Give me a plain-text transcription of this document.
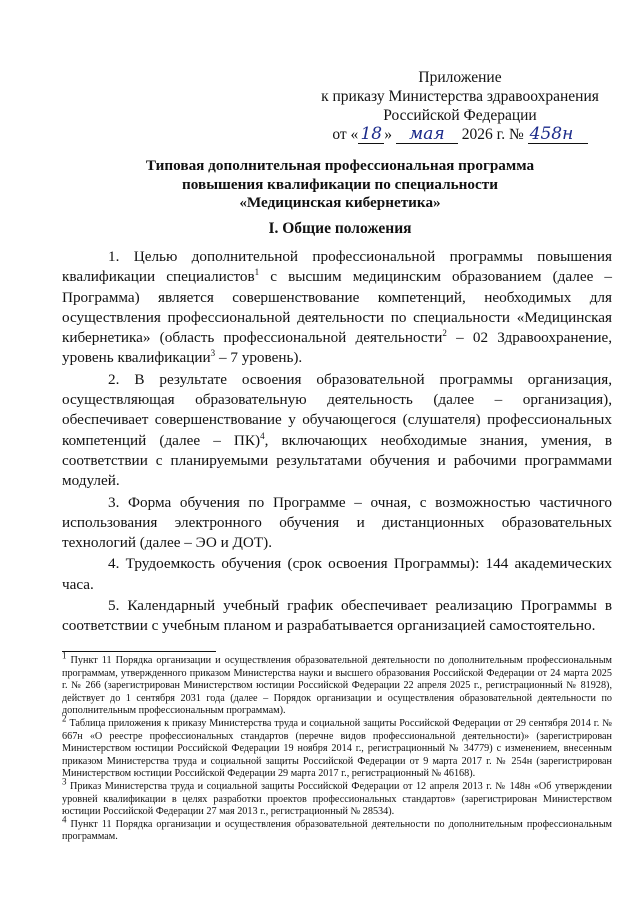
Приложение
к приказу Министерства здравоохранения
Российской Федерации
от « 18 » мая 2026 г. № 458н
Типовая дополнительная профессиональная программа
повышения квалификации по специальности
«Медицинская кибернетика»
I. Общие положения

1. Целью дополнительной профессиональной программы повышения квалификации специалистов$^1$ с высшим медицинским образованием (далее – Программа) является совершенствование компетенций, необходимых для осуществления профессиональной деятельности по специальности «Медицинская кибернетика» (область профессиональной деятельности$^2$ – 02 Здравоохранение, уровень квалификации$^3$ – 7 уровень).

2. В результате освоения образовательной программы организация, осуществляющая образовательную деятельность (далее – организация), обеспечивает совершенствование у обучающегося (слушателя) профессиональных компетенций (далее – ПК)$^4$, включающих необходимые знания, умения, в соответствии с планируемыми результатами обучения и рабочими программами модулей.

3. Форма обучения по Программе – очная, с возможностью частичного использования электронного обучения и дистанционных образовательных технологий (далее – ЭО и ДОТ).

4. Трудоемкость обучения (срок освоения Программы): 144 академических часа.

5. Календарный учебный график обеспечивает реализацию Программы в соответствии с учебным планом и разрабатывается организацией самостоятельно.

$^1$ Пункт 11 Порядка организации и осуществления образовательной деятельности по дополнительным профессиональным программам, утвержденного приказом Министерства науки и высшего образования Российской Федерации от 24 марта 2025 г. № 266 (зарегистрирован Министерством юстиции Российской Федерации 22 апреля 2025 г., регистрационный № 81928), действует до 1 сентября 2031 года (далее – Порядок организации и осуществления образовательной деятельности по дополнительным профессиональным программам).

$^2$ Таблица приложения к приказу Министерства труда и социальной защиты Российской Федерации от 29 сентября 2014 г. № 667н «О реестре профессиональных стандартов (перечне видов профессиональной деятельности)» (зарегистрирован Министерством юстиции Российской Федерации 19 ноября 2014 г., регистрационный № 34779) с изменением, внесенным приказом Министерства труда и социальной защиты Российской Федерации от 9 марта 2017 г. № 254н (зарегистрирован Министерством юстиции Российской Федерации 29 марта 2017 г., регистрационный № 46168).

$^3$ Приказ Министерства труда и социальной защиты Российской Федерации от 12 апреля 2013 г. № 148н «Об утверждении уровней квалификации в целях разработки проектов профессиональных стандартов» (зарегистрирован Министерством юстиции Российской Федерации 27 мая 2013 г., регистрационный № 28534).

$^4$ Пункт 11 Порядка организации и осуществления образовательной деятельности по дополнительным профессиональным программам.
